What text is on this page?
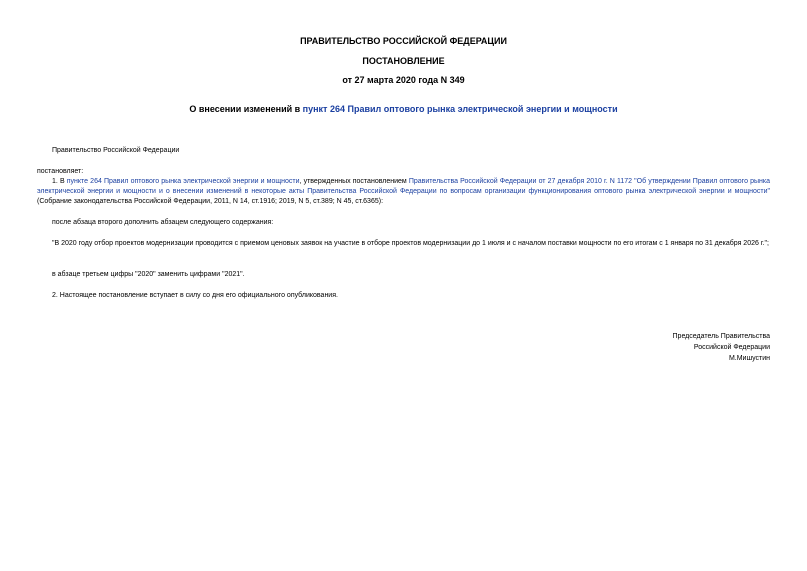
ПРАВИТЕЛЬСТВО РОССИЙСКОЙ ФЕДЕРАЦИИ
ПОСТАНОВЛЕНИЕ
от 27 марта 2020 года N 349
О внесении изменений в пункт 264 Правил оптового рынка электрической энергии и мощности
Правительство Российской Федерации
постановляет:
1. В пункте 264 Правил оптового рынка электрической энергии и мощности, утвержденных постановлением Правительства Российской Федерации от 27 декабря 2010 г. N 1172 "Об утверждении Правил оптового рынка электрической энергии и мощности и о внесении изменений в некоторые акты Правительства Российской Федерации по вопросам организации функционирования оптового рынка электрической энергии и мощности" (Собрание законодательства Российской Федерации, 2011, N 14, ст.1916; 2019, N 5, ст.389; N 45, ст.6365):
после абзаца второго дополнить абзацем следующего содержания:
"В 2020 году отбор проектов модернизации проводится с приемом ценовых заявок на участие в отборе проектов модернизации до 1 июля и с началом поставки мощности по его итогам с 1 января по 31 декабря 2026 г.";
в абзаце третьем цифры "2020" заменить цифрами "2021".
2. Настоящее постановление вступает в силу со дня его официального опубликования.
Председатель Правительства
Российской Федерации
М.Мишустин
